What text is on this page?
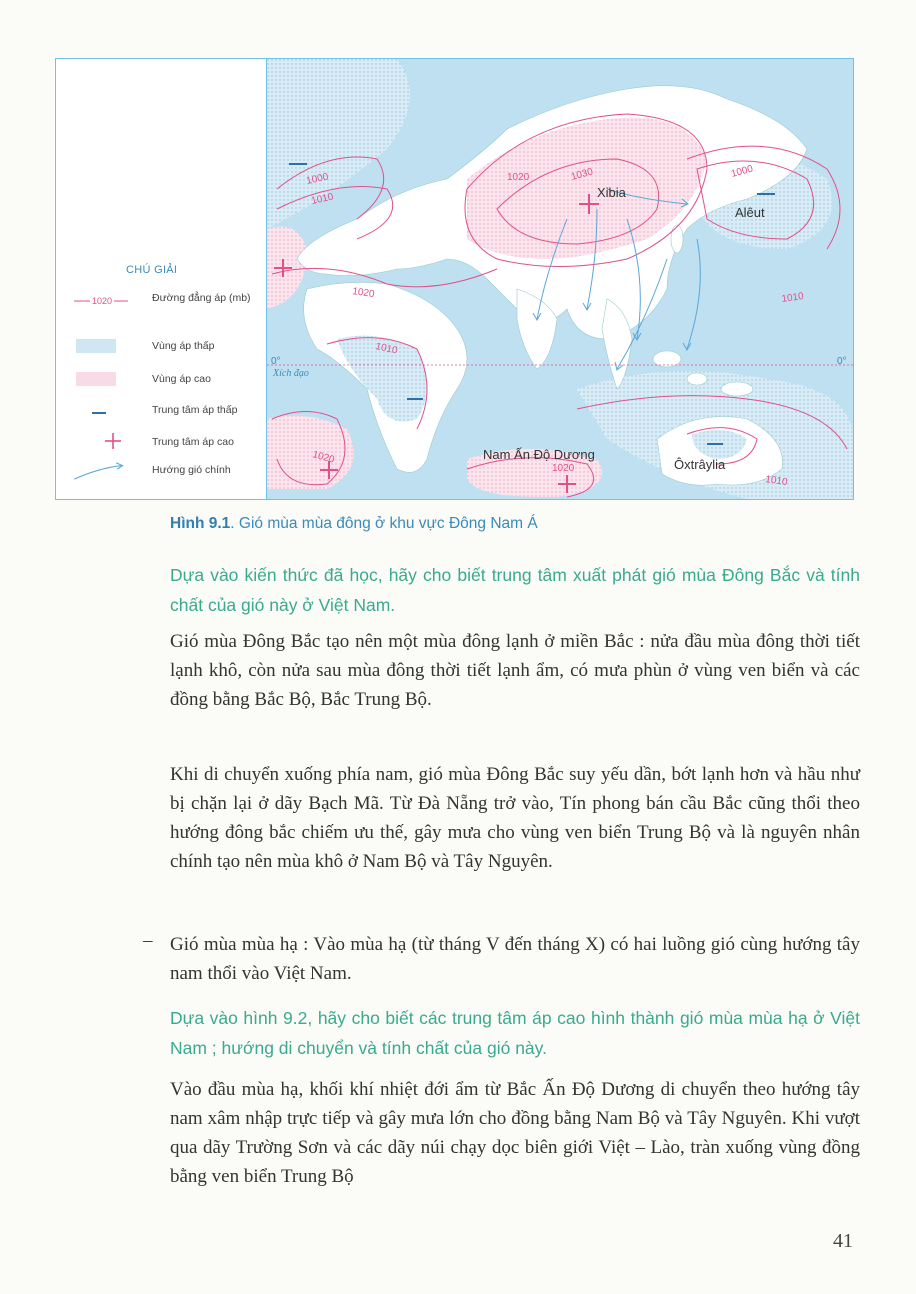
CHÚ GIẢI
1020	Đường đẳng áp (mb)
Vùng áp thấp
Vùng áp cao
Trung tâm áp thấp
Trung tâm áp cao
Hướng gió chính
1000
1010
1020	1030
1010
1000
1020
1010
1020
1020
1010
0°	0°
Xích đạo
Xibia
Alêut
Nam Ấn Độ Dương
Ôxtrâylia
Hình 9.1. Gió mùa mùa đông ở khu vực Đông Nam Á
Dựa vào kiến thức đã học, hãy cho biết trung tâm xuất phát gió mùa Đông Bắc và tính chất của gió này ở Việt Nam.
Gió mùa Đông Bắc tạo nên một mùa đông lạnh ở miền Bắc : nửa đầu mùa đông thời tiết lạnh khô, còn nửa sau mùa đông thời tiết lạnh ẩm, có mưa phùn ở vùng ven biển và các đồng bằng Bắc Bộ, Bắc Trung Bộ.
Khi di chuyển xuống phía nam, gió mùa Đông Bắc suy yếu dần, bớt lạnh hơn và hầu như bị chặn lại ở dãy Bạch Mã. Từ Đà Nẵng trở vào, Tín phong bán cầu Bắc cũng thổi theo hướng đông bắc chiếm ưu thế, gây mưa cho vùng ven biển Trung Bộ và là nguyên nhân chính tạo nên mùa khô ở Nam Bộ và Tây Nguyên.
– Gió mùa mùa hạ : Vào mùa hạ (từ tháng V đến tháng X) có hai luồng gió cùng hướng tây nam thổi vào Việt Nam.
Dựa vào hình 9.2, hãy cho biết các trung tâm áp cao hình thành gió mùa mùa hạ ở Việt Nam ; hướng di chuyển và tính chất của gió này.
Vào đầu mùa hạ, khối khí nhiệt đới ẩm từ Bắc Ấn Độ Dương di chuyển theo hướng tây nam xâm nhập trực tiếp và gây mưa lớn cho đồng bằng Nam Bộ và Tây Nguyên. Khi vượt qua dãy Trường Sơn và các dãy núi chạy dọc biên giới Việt – Lào, tràn xuống vùng đồng bằng ven biển Trung Bộ
41
